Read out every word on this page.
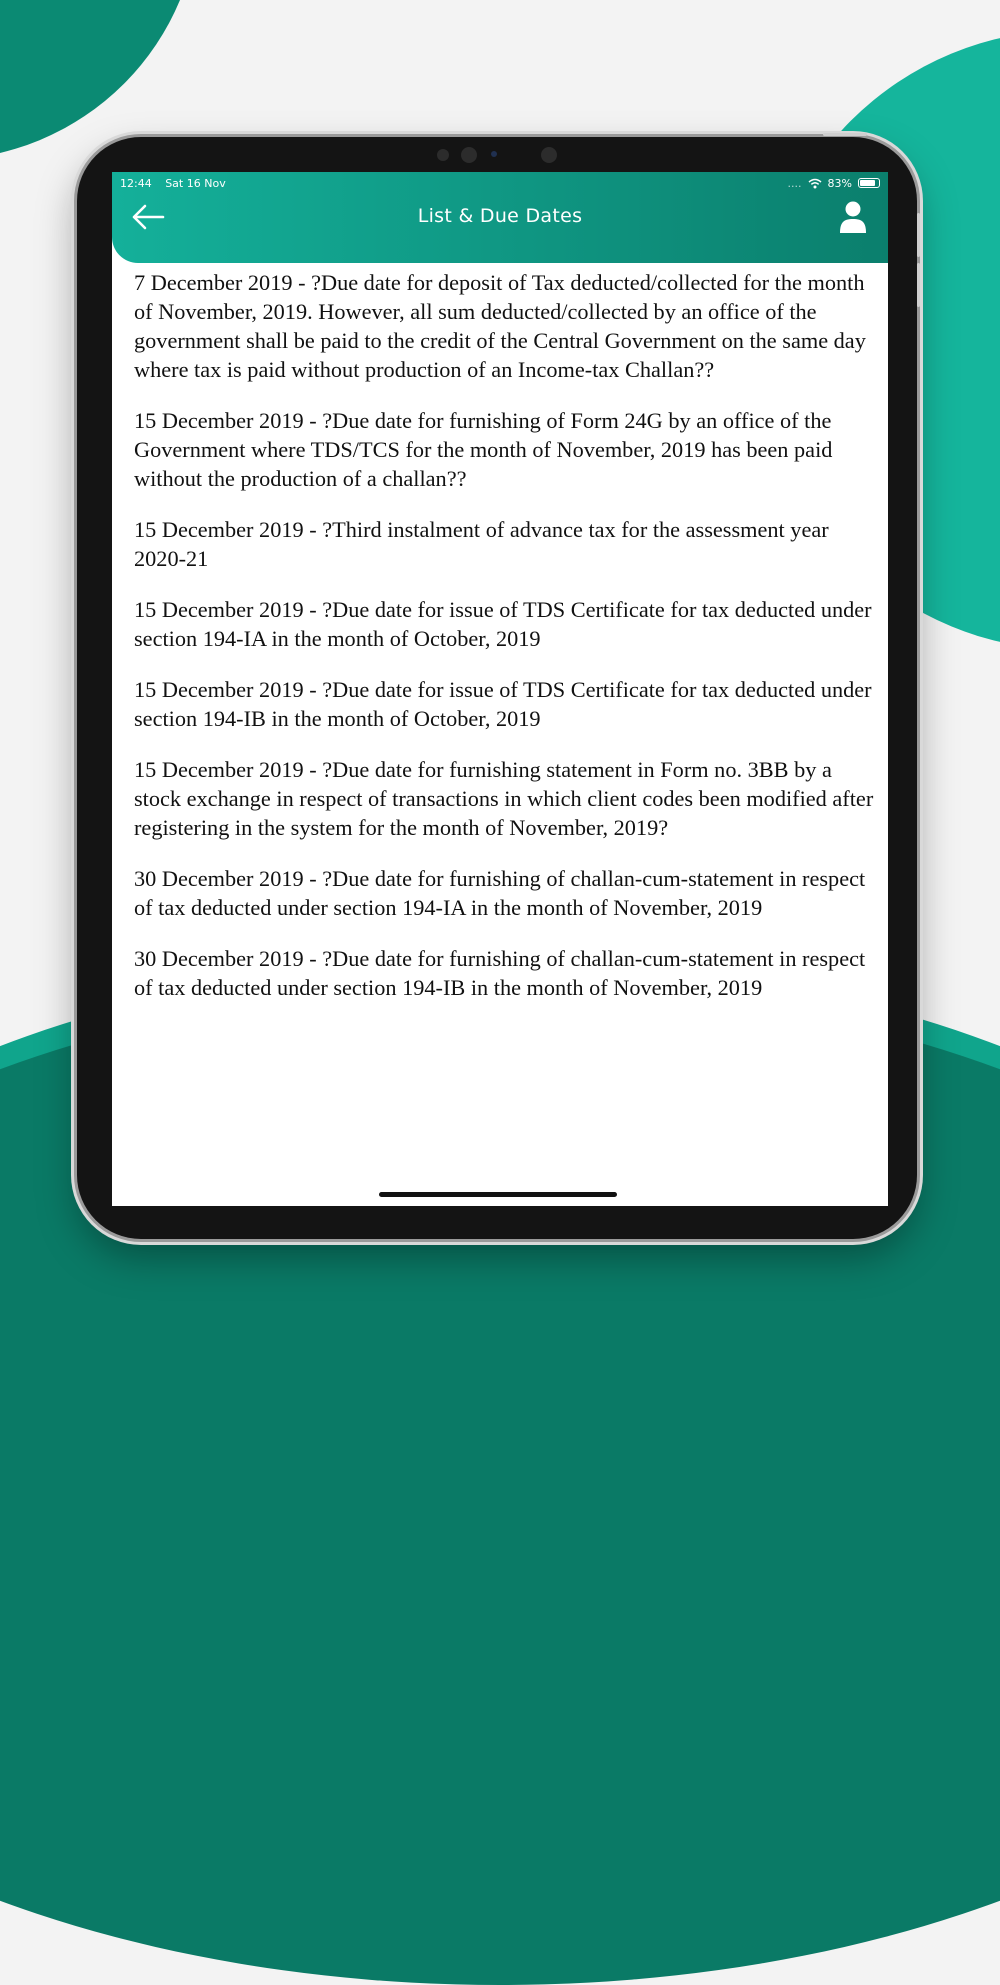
List & Due Dates
12:44 Sat 16 Nov	.... 83%

7 December 2019 - ?Due date for deposit of Tax deducted/collected for the month of November, 2019. However, all sum deducted/collected by an office of the government shall be paid to the credit of the Central Government on the same day where tax is paid without production of an Income-tax Challan??

15 December 2019 - ?Due date for furnishing of Form 24G by an office of the Government where TDS/TCS for the month of November, 2019 has been paid without the production of a challan??

15 December 2019 - ?Third instalment of advance tax for the assessment year 2020-21

15 December 2019 - ?Due date for issue of TDS Certificate for tax deducted under section 194-IA in the month of October, 2019

15 December 2019 - ?Due date for issue of TDS Certificate for tax deducted under section 194-IB in the month of October, 2019

15 December 2019 - ?Due date for furnishing statement in Form no. 3BB by a stock exchange in respect of transactions in which client codes been modified after registering in the system for the month of November, 2019?

30 December 2019 - ?Due date for furnishing of challan-cum-statement in respect of tax deducted under section 194-IA in the month of November, 2019

30 December 2019 - ?Due date for furnishing of challan-cum-statement in respect of tax deducted under section 194-IB in the month of November, 2019
